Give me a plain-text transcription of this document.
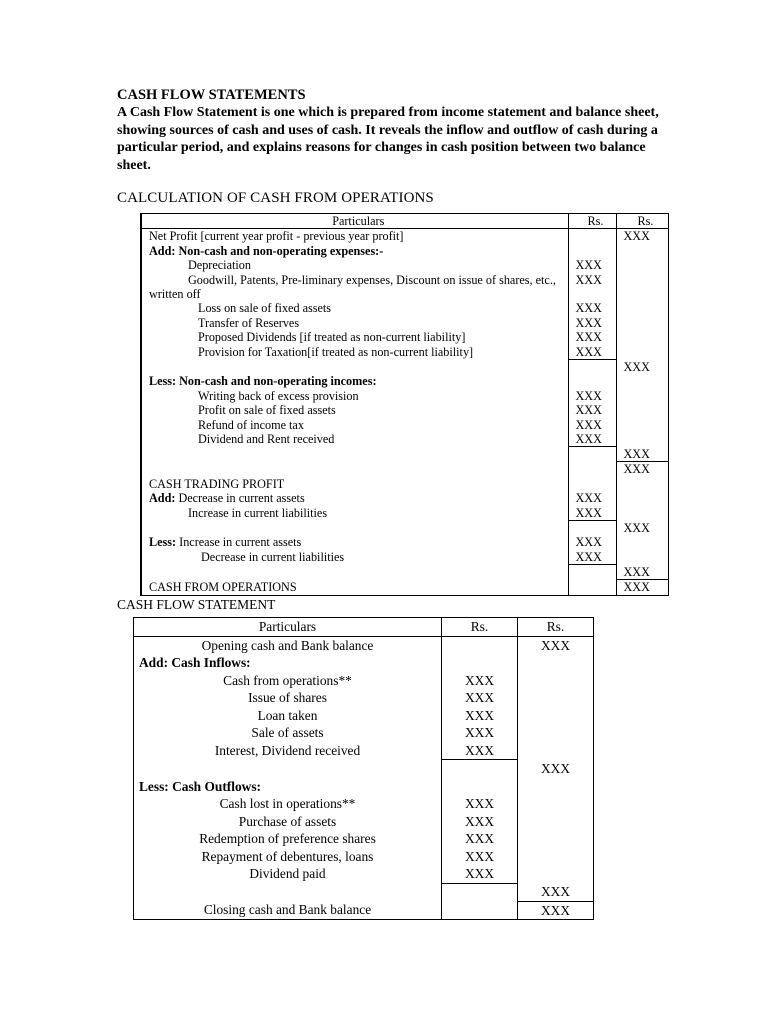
CASH FLOW STATEMENTS

A Cash Flow Statement is one which is prepared from income statement and balance sheet, showing sources of cash and uses of cash. It reveals the inflow and outflow of cash during a particular period, and explains reasons for changes in cash position between two balance sheet.

CALCULATION OF CASH FROM OPERATIONS
Particulars	Rs.	Rs.
Net Profit [current year profit - previous year profit]		XXX
Add: Non-cash and non-operating expenses:-		
Depreciation	XXX	

Goodwill, Patents, Pre-liminary expenses, Discount on issue of shares, etc., written off	XXX	
Loss on sale of fixed assets	XXX	
Transfer of Reserves	XXX	
Proposed Dividends [if treated as non-current liability]	XXX	
Provision for Taxation[if treated as non-current liability]	XXX	
		XXX
Less: Non-cash and non-operating incomes:		
Writing back of excess provision	XXX	
Profit on sale of fixed assets	XXX	
Refund of income tax	XXX	
Dividend and Rent received	XXX	
		XXX
		XXX
CASH TRADING PROFIT		
Add: Decrease in current assets	XXX	
Increase in current liabilities	XXX	
		XXX
Less: Increase in current assets	XXX	
Decrease in current liabilities	XXX	
		XXX
CASH FROM OPERATIONS		XXX
CASH FLOW STATEMENT
Particulars	Rs.	Rs.
Opening cash and Bank balance		XXX
Add: Cash Inflows:		
Cash from operations**	XXX	
Issue of shares	XXX	
Loan taken	XXX	
Sale of assets	XXX	
Interest, Dividend received	XXX	
		XXX
Less: Cash Outflows:		
Cash lost in operations**	XXX	
Purchase of assets	XXX	
Redemption of preference shares	XXX	
Repayment of debentures, loans	XXX	
Dividend paid	XXX	
		XXX
Closing cash and Bank balance		XXX
